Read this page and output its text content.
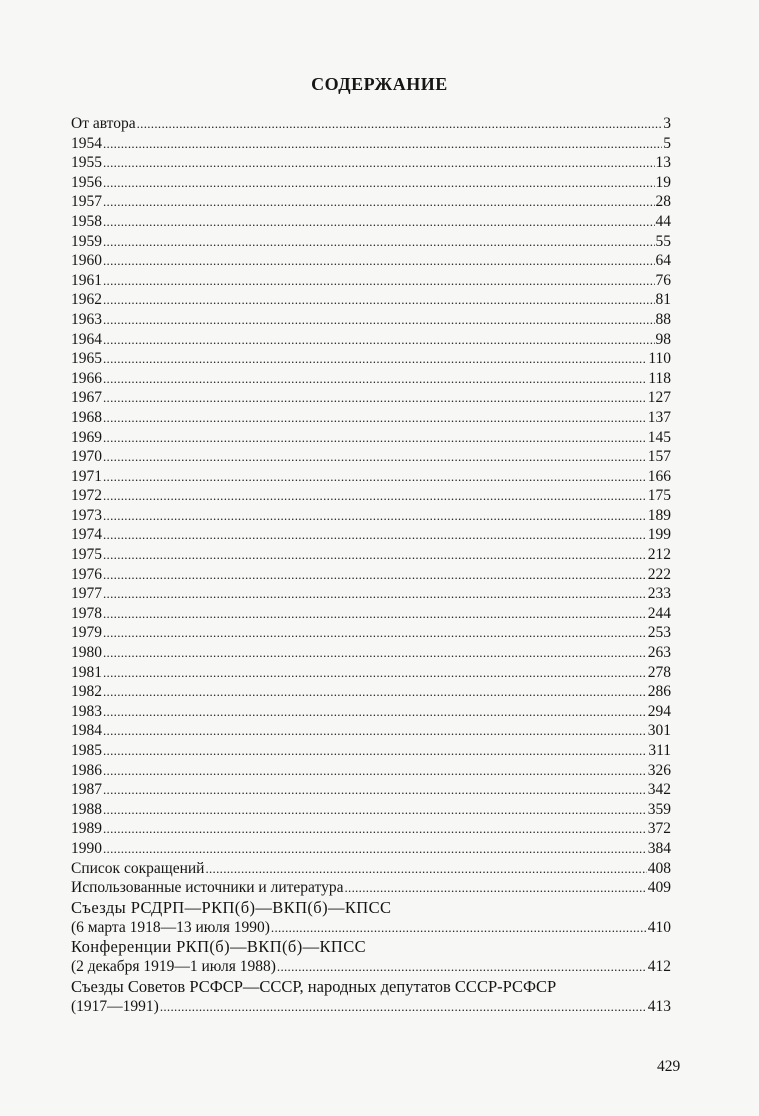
СОДЕРЖАНИЕ
От автора .....	3
1954 .....	5
1955 .....	13
1956 .....	19
1957 .....	28
1958 .....	44
1959 .....	55
1960 .....	64
1961 .....	76
1962 .....	81
1963 .....	88
1964 .....	98
1965 .....	110
1966 .....	118
1967 .....	127
1968 .....	137
1969 .....	145
1970 .....	157
1971 .....	166
1972 .....	175
1973 .....	189
1974 .....	199
1975 .....	212
1976 .....	222
1977 .....	233
1978 .....	244
1979 .....	253
1980 .....	263
1981 .....	278
1982 .....	286
1983 .....	294
1984 .....	301
1985 .....	311
1986 .....	326
1987 .....	342
1988 .....	359
1989 .....	372
1990 .....	384
Список сокращений .....	408
Использованные источники и литература .....	409
Съезды РСДРП—РКП(б)—ВКП(б)—КПСС
(6 марта 1918—13 июля 1990) .....	410
Конференции РКП(б)—ВКП(б)—КПСС
(2 декабря 1919—1 июля 1988) .....	412
Съезды Советов РСФСР—СССР, народных депутатов СССР-РСФСР
(1917—1991) .....	413
429
